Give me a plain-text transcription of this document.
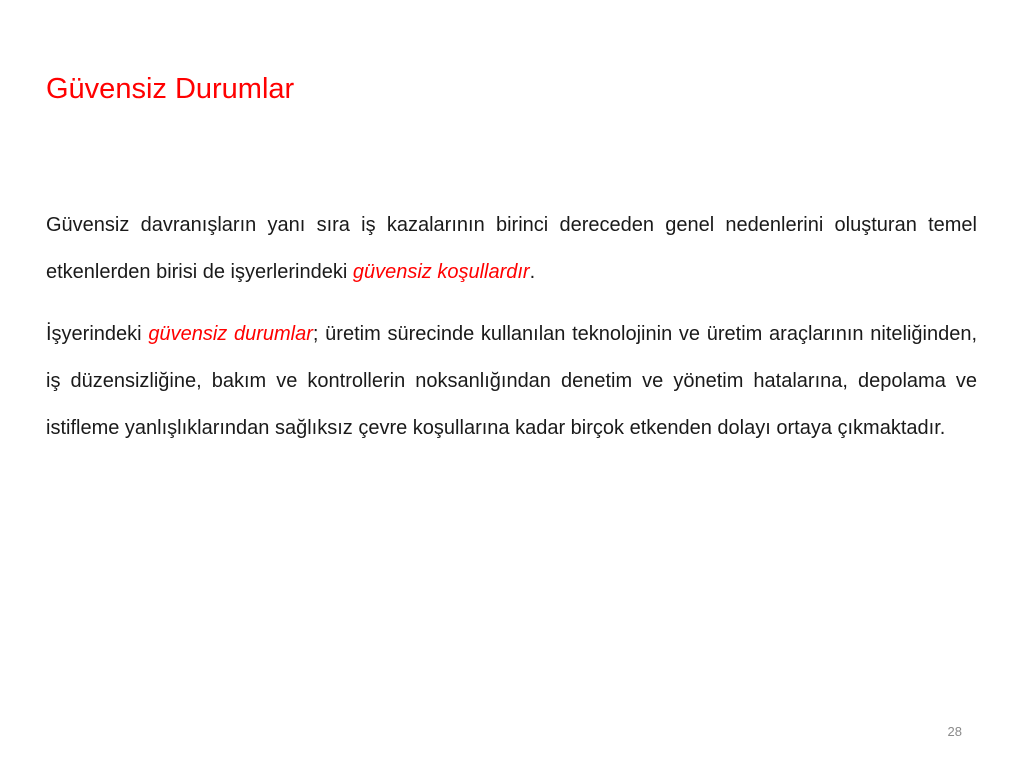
Güvensiz Durumlar

Güvensiz davranışların yanı sıra iş kazalarının birinci dereceden genel nedenlerini oluşturan temel etkenlerden birisi de işyerlerindeki güvensiz koşullardır.

İşyerindeki güvensiz durumlar; üretim sürecinde kullanılan teknolojinin ve üretim araçlarının niteliğinden, iş düzensizliğine, bakım ve kontrollerin noksanlığından denetim ve yönetim hatalarına, depolama ve istifleme yanlışlıklarından sağlıksız çevre koşullarına kadar birçok etkenden dolayı ortaya çıkmaktadır.

28
